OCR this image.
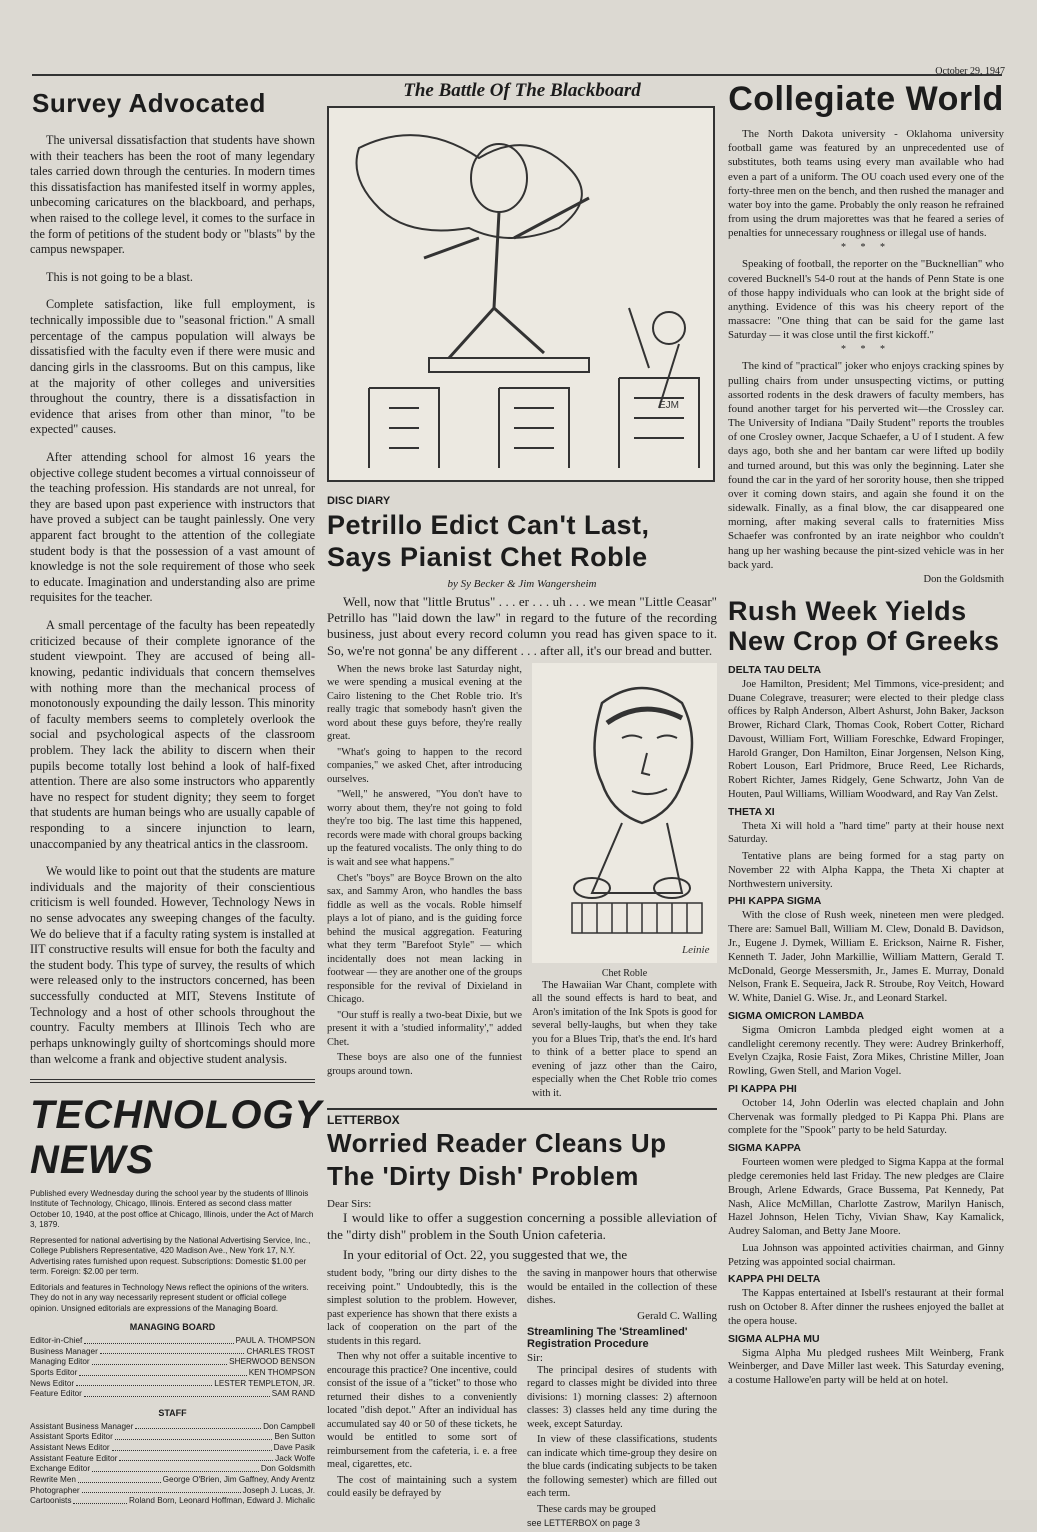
October 29, 1947
Survey Advocated

The universal dissatisfaction that students have shown with their teachers has been the root of many legendary tales carried down through the centuries. In modern times this dissatisfaction has manifested itself in wormy apples, unbecoming caricatures on the blackboard, and perhaps, when raised to the college level, it comes to the surface in the form of petitions of the student body or "blasts" by the campus newspaper.

This is not going to be a blast.

Complete satisfaction, like full employment, is technically impossible due to "seasonal friction." A small percentage of the campus population will always be dissatisfied with the faculty even if there were music and dancing girls in the classrooms. But on this campus, like at the majority of other colleges and universities throughout the country, there is a dissatisfaction in evidence that arises from other than minor, "to be expected" causes.

After attending school for almost 16 years the objective college student becomes a virtual connoisseur of the teaching profession. His standards are not unreal, for they are based upon past experience with instructors that have proved a subject can be taught painlessly. One very apparent fact brought to the attention of the collegiate student body is that the possession of a vast amount of knowledge is not the sole requirement of those who seek to educate. Imagination and understanding also are prime requisites for the teacher.

A small percentage of the faculty has been repeatedly criticized because of their complete ignorance of the student viewpoint. They are accused of being all-knowing, pedantic individuals that concern themselves with nothing more than the mechanical process of monotonously expounding the daily lesson. This minority of faculty members seems to completely overlook the social and psychological aspects of the classroom problem. They lack the ability to discern when their pupils become totally lost behind a look of half-fixed attention. There are also some instructors who apparently have no respect for student dignity; they seem to forget that students are human beings who are usually capable of responding to a sincere injunction to learn, unaccompanied by any theatrical antics in the classroom.

We would like to point out that the students are mature individuals and the majority of their conscientious criticism is well founded. However, Technology News in no sense advocates any sweeping changes of the faculty. We do believe that if a faculty rating system is installed at IIT constructive results will ensue for both the faculty and the student body. This type of survey, the results of which were released only to the instructors concerned, has been successfully conducted at MIT, Stevens Institute of Technology and a host of other schools throughout the country. Faculty members at Illinois Tech who are perhaps unknowingly guilty of shortcomings should more than welcome a frank and objective student analysis.

TECHNOLOGY NEWS

Published every Wednesday during the school year by the students of Illinois Institute of Technology, Chicago, Illinois. Entered as second class matter October 10, 1940, at the post office at Chicago, Illinois, under the Act of March 3, 1879.

Represented for national advertising by the National Advertising Service, Inc., College Publishers Representative, 420 Madison Ave., New York 17, N.Y. Advertising rates furnished upon request. Subscriptions: Domestic $1.00 per term. Foreign: $2.00 per term.

Editorials and features in Technology News reflect the opinions of the writers. They do not in any way necessarily represent student or official college opinion. Unsigned editorials are expressions of the Managing Board.

MANAGING BOARD
Editor-in-Chief	PAUL A. THOMPSON
Business Manager	CHARLES TROST
Managing Editor	SHERWOOD BENSON
Sports Editor	KEN THOMPSON
News Editor	LESTER TEMPLETON, JR.
Feature Editor	SAM RAND
STAFF
Assistant Business Manager	Don Campbell
Assistant Sports Editor	Ben Sutton
Assistant News Editor	Dave Pasik
Assistant Feature Editor	Jack Wolfe
Exchange Editor	Don Goldsmith
Rewrite Men	George O'Brien, Jim Gaffney, Andy Arentz
Photographer	Joseph J. Lucas, Jr.
Cartoonists	Roland Born, Leonard Hoffman, Edward J. Michalic
The Battle Of The Blackboard
EJM
DISC DIARY
Petrillo Edict Can't Last,
Says Pianist Chet Roble
by Sy Becker & Jim Wangersheim

Well, now that "little Brutus" . . . er . . . uh . . . we mean "Little Ceasar" Petrillo has "laid down the law" in regard to the future of the recording business, just about every record column you read has given space to it. So, we're not gonna' be any different . . . after all, it's our bread and butter.

When the news broke last Saturday night, we were spending a musical evening at the Cairo listening to the Chet Roble trio. It's really tragic that somebody hasn't given the word about these guys before, they're really great.

"What's going to happen to the record companies," we asked Chet, after introducing ourselves.

"Well," he answered, "You don't have to worry about them, they're not going to fold they're too big. The last time this happened, records were made with choral groups backing up the featured vocalists. The only thing to do is wait and see what happens."

Chet's "boys" are Boyce Brown on the alto sax, and Sammy Aron, who handles the bass fiddle as well as the vocals. Roble himself plays a lot of piano, and is the guiding force behind the musical aggregation. Featuring what they term "Barefoot Style" — which incidentally does not mean lacking in footwear — they are another one of the groups responsible for the revival of Dixieland in Chicago.

"Our stuff is really a two-beat Dixie, but we present it with a 'studied informality'," added Chet.

These boys are also one of the funniest groups around town.

Leinie

Chet Roble

The Hawaiian War Chant, complete with all the sound effects is hard to beat, and Aron's imitation of the Ink Spots is good for several belly-laughs, but when they take you for a Blues Trip, that's the end. It's hard to think of a better place to spend an evening of jazz other than the Cairo, especially when the Chet Roble trio comes with it.

LETTERBOX
Worried Reader Cleans Up
The 'Dirty Dish' Problem

Dear Sirs:

I would like to offer a suggestion concerning a possible alleviation of the "dirty dish" problem in the South Union cafeteria.

In your editorial of Oct. 22, you suggested that we, the

student body, "bring our dirty dishes to the receiving point." Undoubtedly, this is the simplest solution to the problem. However, past experience has shown that there exists a lack of cooperation on the part of the students in this regard.

Then why not offer a suitable incentive to encourage this practice? One incentive, could consist of the issue of a "ticket" to those who returned their dishes to a conveniently located "dish depot." After an individual has accumulated say 40 or 50 of these tickets, he would be entitled to some sort of reimbursement from the cafeteria, i. e. a free meal, cigarettes, etc.

The cost of maintaining such a system could easily be defrayed by

the saving in manpower hours that otherwise would be entailed in the collection of these dishes.

Gerald C. Walling

Streamlining The 'Streamlined' Registration Procedure

Sir:

The principal desires of students with regard to classes might be divided into three divisions: 1) morning classes: 2) afternoon classes: 3) classes held any time during the week, except Saturday.

In view of these classifications, students can indicate which time-group they desire on the blue cards (indicating subjects to be taken the following semester) which are filled out each term.

These cards may be grouped

see LETTERBOX on page 3

Collegiate World

The North Dakota university - Oklahoma university football game was featured by an unprecedented use of substitutes, both teams using every man available who had even a part of a uniform. The OU coach used every one of the forty-three men on the bench, and then rushed the manager and water boy into the game. Probably the only reason he refrained from using the drum majorettes was that he feared a series of penalties for unnecessary roughness or illegal use of hands.

* * *

Speaking of football, the reporter on the "Bucknellian" who covered Bucknell's 54-0 rout at the hands of Penn State is one of those happy individuals who can look at the bright side of anything. Evidence of this was his cheery report of the massacre: "One thing that can be said for the game last Saturday — it was close until the first kickoff."

* * *

The kind of "practical" joker who enjoys cracking spines by pulling chairs from under unsuspecting victims, or putting assorted rodents in the desk drawers of faculty members, has found another target for his perverted wit—the Crossley car. The University of Indiana "Daily Student" reports the troubles of one Crosley owner, Jacque Schaefer, a U of I student. A few days ago, both she and her bantam car were lifted up bodily and turned around, but this was only the beginning. Later she found the car in the yard of her sorority house, then she tripped over it coming down stairs, and again she found it on the sidewalk. Finally, as a final blow, the car disappeared one morning, after making several calls to fraternities Miss Schaefer was confronted by an irate neighbor who couldn't hang up her washing because the pint-sized vehicle was in her back yard.

Don the Goldsmith

Rush Week Yields
New Crop Of Greeks
DELTA TAU DELTA

Joe Hamilton, President; Mel Timmons, vice-president; and Duane Colegrave, treasurer; were elected to their pledge class offices by Ralph Anderson, Albert Ashurst, John Baker, Jackson Brower, Richard Clark, Thomas Cook, Robert Cotter, Richard Davoust, William Fort, William Foreschke, Edward Fropinger, Harold Granger, Don Hamilton, Einar Jorgensen, Nelson King, Robert Louson, Earl Pridmore, Bruce Reed, Lee Richards, Robert Richter, James Ridgely, Gene Schwartz, John Van de Houten, Paul Williams, William Woodward, and Ray Van Zelst.

THETA XI

Theta Xi will hold a "hard time" party at their house next Saturday.

Tentative plans are being formed for a stag party on November 22 with Alpha Kappa, the Theta Xi chapter at Northwestern university.

PHI KAPPA SIGMA

With the close of Rush week, nineteen men were pledged. There are: Samuel Ball, William M. Clew, Donald B. Davidson, Jr., Eugene J. Dymek, William E. Erickson, Nairne R. Fisher, Kenneth T. Jader, John Markillie, William Mattern, Gerald T. McDonald, George Messersmith, Jr., James E. Murray, Donald Nelson, Frank E. Sequeira, Jack R. Stroube, Roy Veitch, Howard W. White, Daniel G. Wise. Jr., and Leonard Starkel.

SIGMA OMICRON LAMBDA

Sigma Omicron Lambda pledged eight women at a candlelight ceremony recently. They were: Audrey Brinkerhoff, Evelyn Czajka, Rosie Faist, Zora Mikes, Christine Miller, Joan Rowling, Gwen Stell, and Marion Vogel.

PI KAPPA PHI

October 14, John Oderlin was elected chaplain and John Chervenak was formally pledged to Pi Kappa Phi. Plans are complete for the "Spook" party to be held Saturday.

SIGMA KAPPA

Fourteen women were pledged to Sigma Kappa at the formal pledge ceremonies held last Friday. The new pledges are Claire Brough, Arlene Edwards, Grace Bussema, Pat Kennedy, Pat Nash, Alice McMillan, Charlotte Zastrow, Marilyn Hanisch, Hazel Johnson, Helen Tichy, Vivian Shaw, Kay Kamalick, Audrey Saloman, and Betty Jane Moore.

Lua Johnson was appointed activities chairman, and Ginny Petzing was appointed social chairman.

KAPPA PHI DELTA

The Kappas entertained at Isbell's restaurant at their formal rush on October 8. After dinner the rushees enjoyed the ballet at the opera house.

SIGMA ALPHA MU

Sigma Alpha Mu pledged rushees Milt Weinberg, Frank Weinberger, and Dave Miller last week. This Saturday evening, a costume Hallowe'en party will be held at on hotel.
